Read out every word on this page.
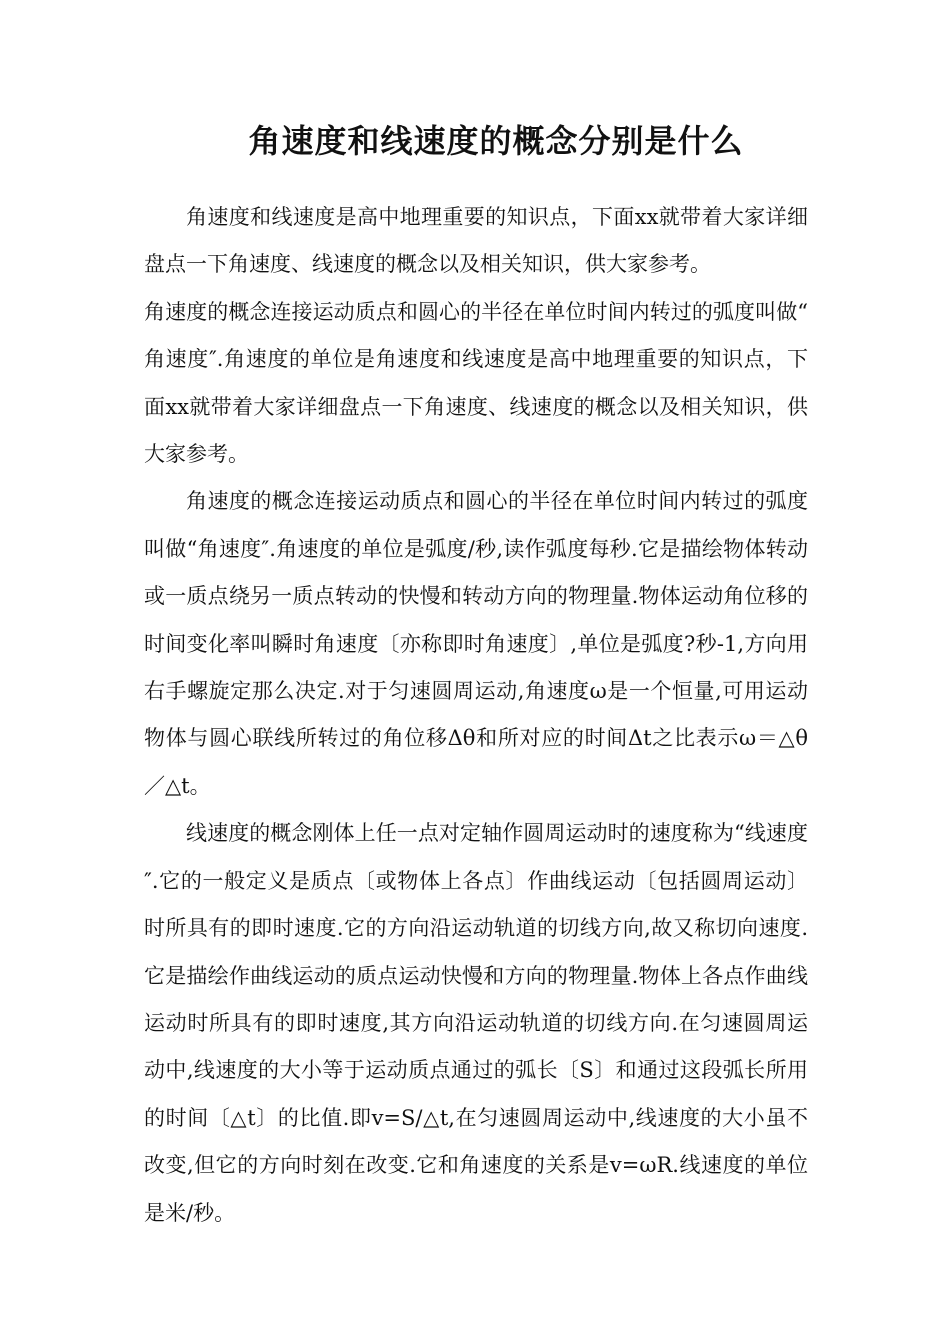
角速度和线速度的概念分别是什么

角速度和线速度是高中地理重要的知识点，下面xx就带着大家详细盘点一下角速度、线速度的概念以及相关知识，供大家参考。

角速度的概念连接运动质点和圆心的半径在单位时间内转过的弧度叫做“角速度″.角速度的单位是角速度和线速度是高中地理重要的知识点，下面xx就带着大家详细盘点一下角速度、线速度的概念以及相关知识，供大家参考。

角速度的概念连接运动质点和圆心的半径在单位时间内转过的弧度叫做“角速度″.角速度的单位是弧度/秒,读作弧度每秒.它是描绘物体转动或一质点绕另一质点转动的快慢和转动方向的物理量.物体运动角位移的时间变化率叫瞬时角速度〔亦称即时角速度〕,单位是弧度?秒-1,方向用右手螺旋定那么决定.对于匀速圆周运动,角速度ω是一个恒量,可用运动物体与圆心联线所转过的角位移Δθ和所对应的时间Δt之比表示ω＝△θ／△t。

线速度的概念刚体上任一点对定轴作圆周运动时的速度称为“线速度″.它的一般定义是质点〔或物体上各点〕作曲线运动〔包括圆周运动〕时所具有的即时速度.它的方向沿运动轨道的切线方向,故又称切向速度.它是描绘作曲线运动的质点运动快慢和方向的物理量.物体上各点作曲线运动时所具有的即时速度,其方向沿运动轨道的切线方向.在匀速圆周运动中,线速度的大小等于运动质点通过的弧长〔S〕和通过这段弧长所用的时间〔△t〕的比值.即v=S/△t,在匀速圆周运动中,线速度的大小虽不改变,但它的方向时刻在改变.它和角速度的关系是v=ωR.线速度的单位是米/秒。
